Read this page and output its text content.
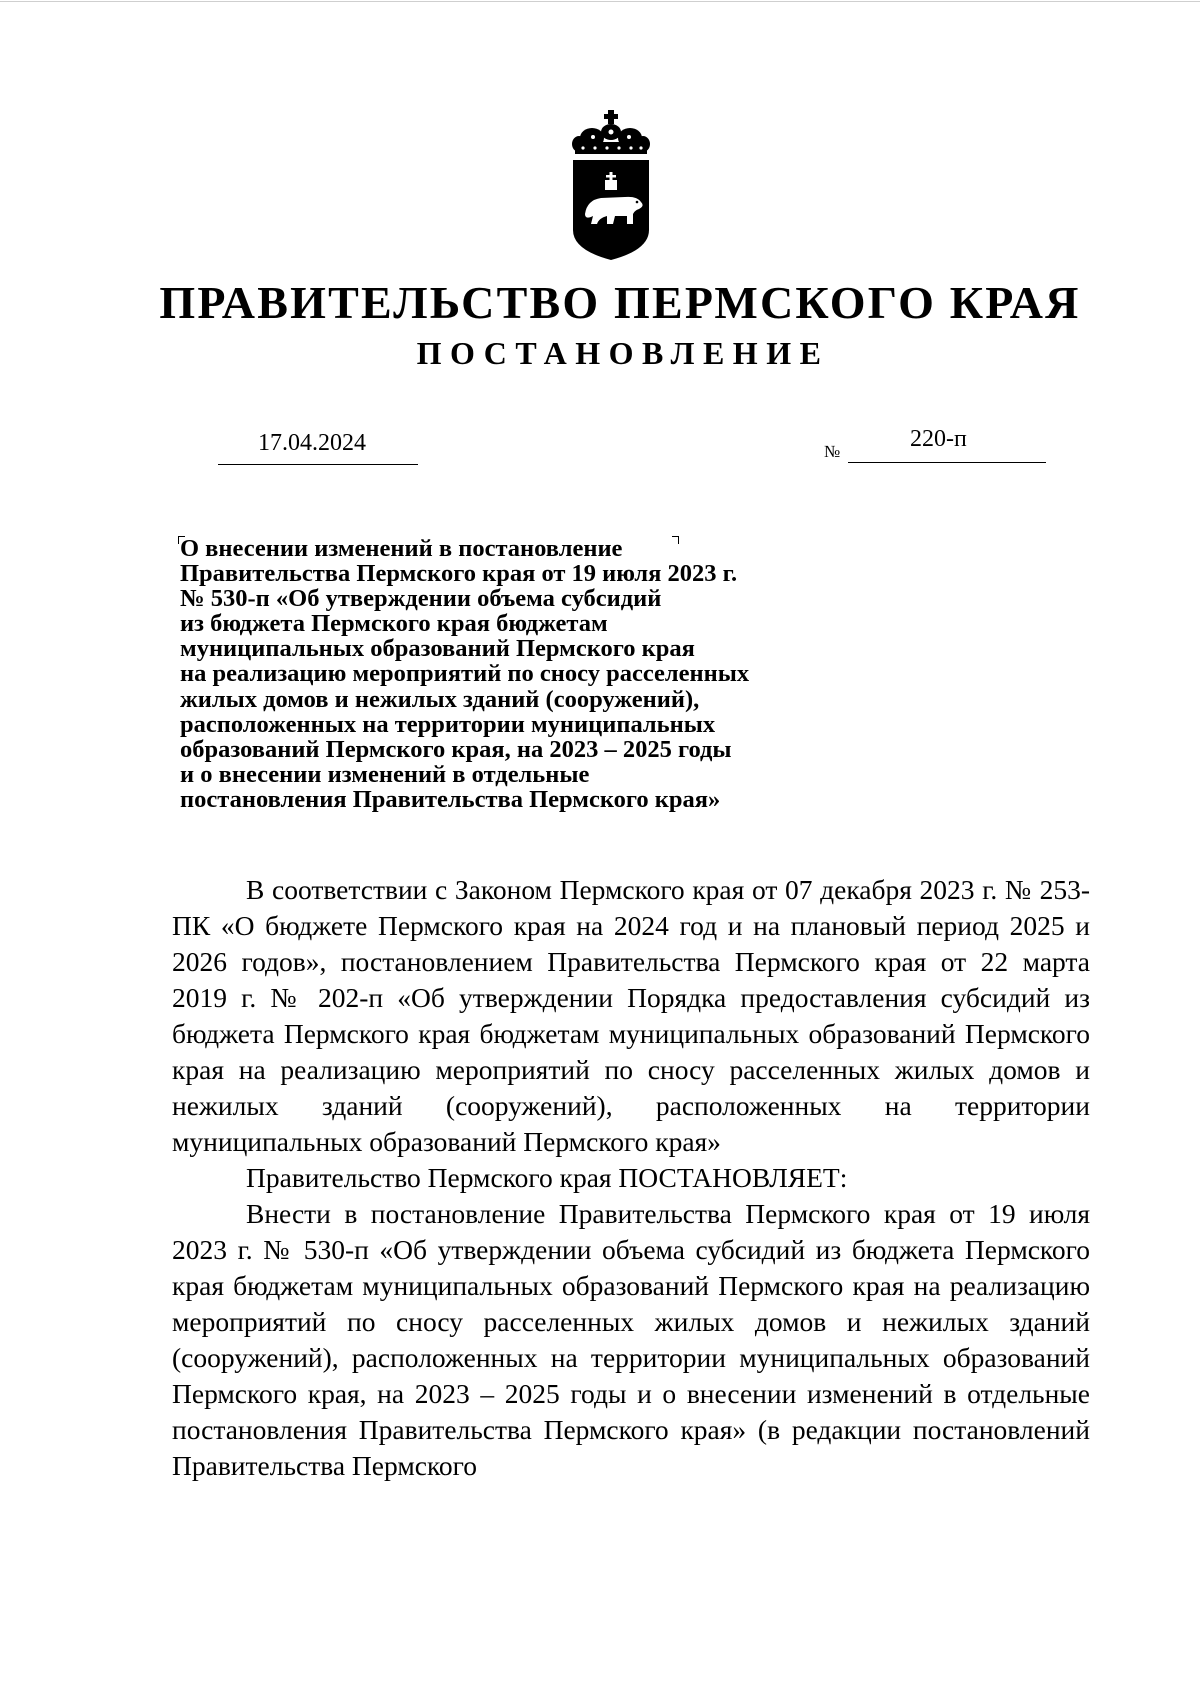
ПРАВИТЕЛЬСТВО ПЕРМСКОГО КРАЯ
ПОСТАНОВЛЕНИЕ
17.04.2024	№	220-п
О внесении изменений в постановление
Правительства Пермского края от 19 июля 2023 г.
№ 530-п «Об утверждении объема субсидий
из бюджета Пермского края бюджетам
муниципальных образований Пермского края
на реализацию мероприятий по сносу расселенных
жилых домов и нежилых зданий (сооружений),
расположенных на территории муниципальных
образований Пермского края, на 2023 – 2025 годы
и о внесении изменений в отдельные
постановления Правительства Пермского края»

В соответствии с Законом Пермского края от 07 декабря 2023 г. № 253-ПК «О бюджете Пермского края на 2024 год и на плановый период 2025 и 2026 годов», постановлением Правительства Пермского края от 22 марта 2019 г. № 202-п «Об утверждении Порядка предоставления субсидий из бюджета Пермского края бюджетам муниципальных образований Пермского края на реализацию мероприятий по сносу расселенных жилых домов и нежилых зданий (сооружений), расположенных на территории муниципальных образований Пермского края»

Правительство Пермского края ПОСТАНОВЛЯЕТ:

Внести в постановление Правительства Пермского края от 19 июля 2023 г. № 530-п «Об утверждении объема субсидий из бюджета Пермского края бюджетам муниципальных образований Пермского края на реализацию мероприятий по сносу расселенных жилых домов и нежилых зданий (сооружений), расположенных на территории муниципальных образований Пермского края, на 2023 – 2025 годы и о внесении изменений в отдельные постановления Правительства Пермского края» (в редакции постановлений Правительства Пермского
